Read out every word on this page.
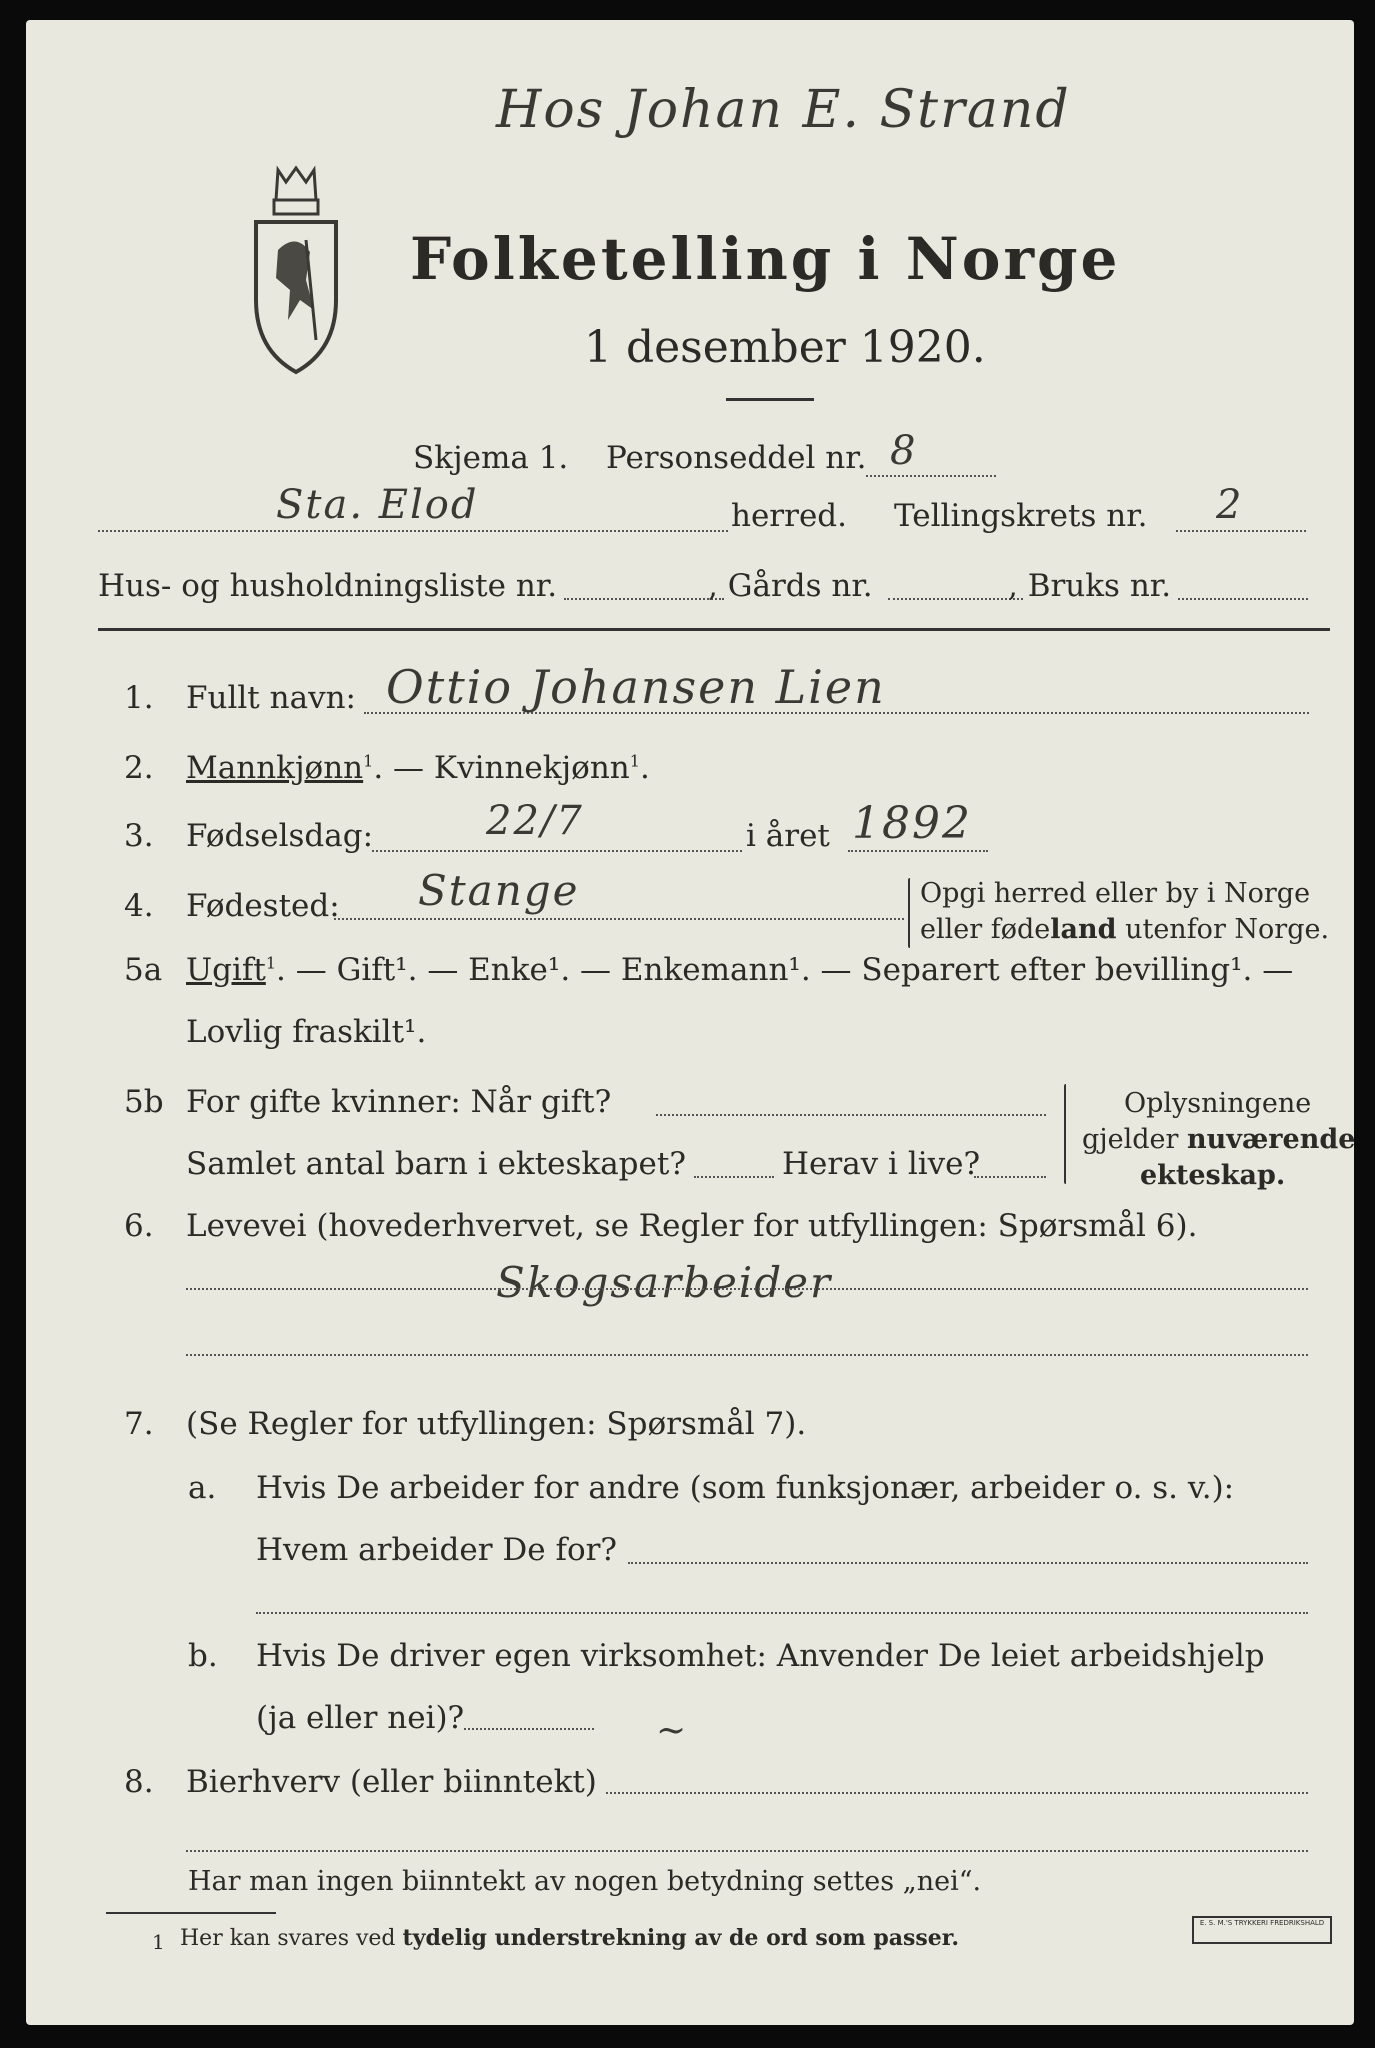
Hos Johan E. Strand
Folketelling i Norge
1 desember 1920.
Skjema 1. Personseddel nr. 8
Sta. Elod	herred. Tellingskrets nr. 2
Hus- og husholdningsliste nr.	, Gårds nr.	, Bruks nr.
1. Fullt navn: Ottio Johansen Lien
2. Mannkjønn$^1$. — Kvinnekjønn$^1$.
3. Fødselsdag:	22/7	i året 1892
4. Fødested: Stange	Opgi herred eller by i Norge
eller fødeland utenfor Norge.
5a Ugift$^1$. — Gift¹. — Enke¹. — Enkemann¹. — Separert efter bevilling¹. —
Lovlig fraskilt¹.
5b For gifte kvinner: Når gift?
Samlet antal barn i ekteskapet?	Herav i live?
Oplysningene
gjelder nuværende
ekteskap.
6. Levevei (hovederhvervet, se Regler for utfyllingen: Spørsmål 6).
Skogsarbeider
7. (Se Regler for utfyllingen: Spørsmål 7).
a. Hvis De arbeider for andre (som funksjonær, arbeider o. s. v.):
Hvem arbeider De for?
b. Hvis De driver egen virksomhet: Anvender De leiet arbeidshjelp
(ja eller nei)?
8. Bierhverv (eller biinntekt)
~
Har man ingen biinntekt av nogen betydning settes „nei“.
1 Her kan svares ved tydelig understrekning av de ord som passer.
E. S. M.'S TRYKKERI FREDRIKSHALD
